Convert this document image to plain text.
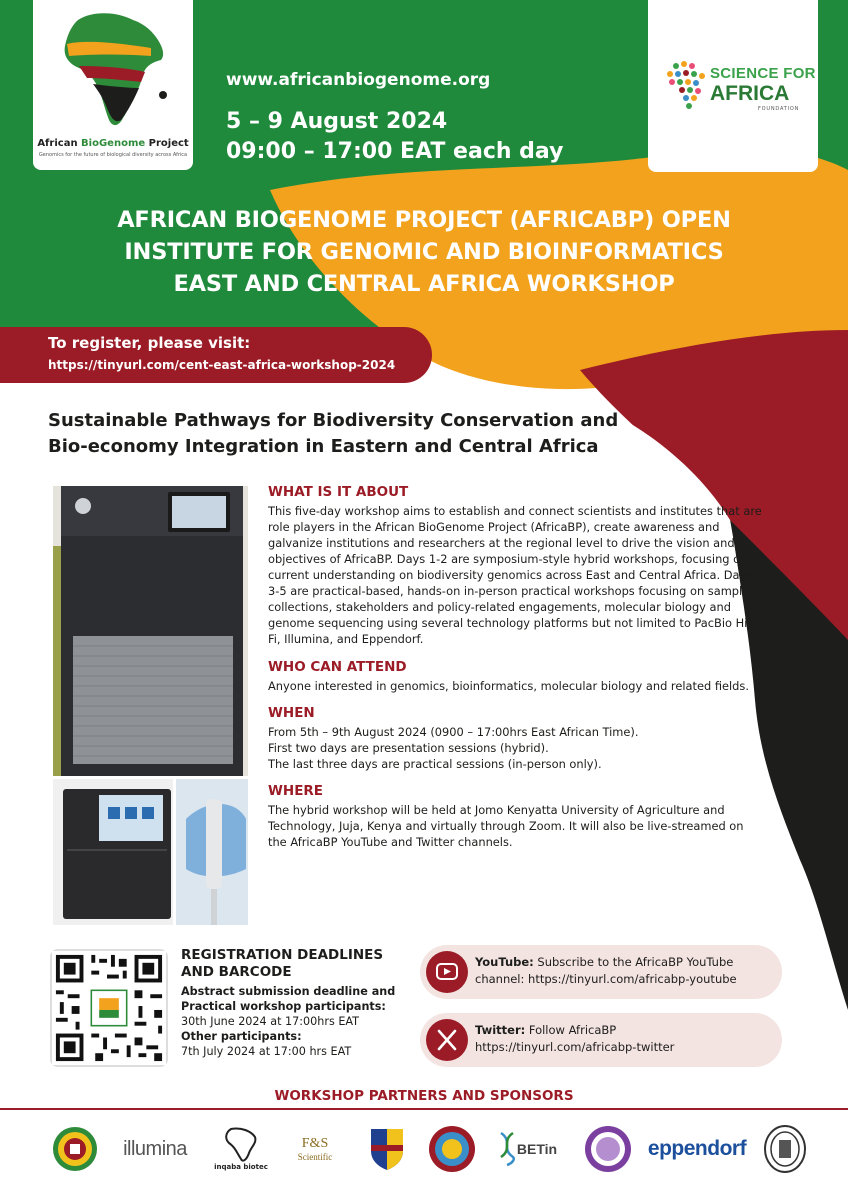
African BioGenome Project
Genomics for the future of biological diversity across Africa
www.africanbiogenome.org
5 – 9 August 2024
09:00 – 17:00 EAT each day
SCIENCE FOR
AFRICA
FOUNDATION
AFRICAN BIOGENOME PROJECT (AFRICABP) OPEN
INSTITUTE FOR GENOMIC AND BIOINFORMATICS
EAST AND CENTRAL AFRICA WORKSHOP
To register, please visit:
https://tinyurl.com/cent-east-africa-workshop-2024
Sustainable Pathways for Biodiversity Conservation and
Bio-economy Integration in Eastern and Central Africa
WHAT IS IT ABOUT

This five-day workshop aims to establish and connect scientists and institutes that are role players in the African BioGenome Project (AfricaBP), create awareness and galvanize institutions and researchers at the regional level to drive the vision and objectives of AfricaBP. Days 1-2 are symposium-style hybrid workshops, focusing on current understanding on biodiversity genomics across East and Central Africa. Days 3-5 are practical-based, hands-on in-person practical workshops focusing on sample collections, stakeholders and policy-related engagements, molecular biology and genome sequencing using several technology platforms but not limited to PacBio Hi-Fi, Illumina, and Eppendorf.

WHO CAN ATTEND

Anyone interested in genomics, bioinformatics, molecular biology and related fields.

WHEN

From 5th – 9th August 2024 (0900 – 17:00hrs East African Time).

First two days are presentation sessions (hybrid).

The last three days are practical sessions (in-person only).

WHERE

The hybrid workshop will be held at Jomo Kenyatta University of Agriculture and Technology, Juja, Kenya and virtually through Zoom. It will also be live-streamed on the AfricaBP YouTube and Twitter channels.

REGISTRATION DEADLINES
AND BARCODE
Abstract submission deadline and
Practical workshop participants:
30th June 2024 at 17:00hrs EAT
Other participants:
7th July 2024 at 17:00 hrs EAT
YouTube: Subscribe to the AfricaBP YouTube channel: https://tinyurl.com/africabp-youtube
Twitter: Follow AfricaBP
https://tinyurl.com/africabp-twitter
WORKSHOP PARTNERS AND SPONSORS
illumina
inqaba biotec
F&S
Scientific	BETin	eppendorf
